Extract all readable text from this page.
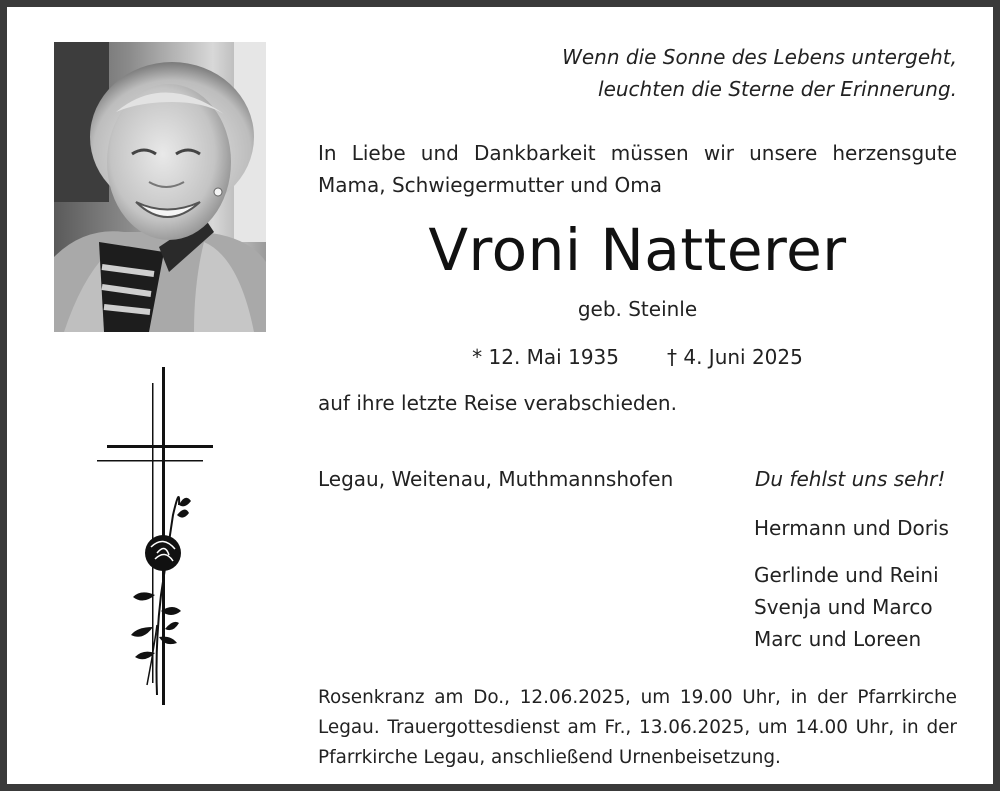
Wenn die Sonne des Lebens untergeht,
leuchten die Sterne der Erinnerung.
In Liebe und Dankbarkeit müssen wir unsere herzensgute Mama, Schwiegermutter und Oma
Vroni Natterer
geb. Steinle
* 12. Mai 1935 † 4. Juni 2025
auf ihre letzte Reise verabschieden.
Legau, Weitenau, Muthmannshofen	Du fehlst uns sehr!
Hermann und Doris
Gerlinde und Reini
Svenja und Marco
Marc und Loreen
Rosenkranz am Do., 12.06.2025, um 19.00 Uhr, in der Pfarrkirche Legau. Trauergottesdienst am Fr., 13.06.2025, um 14.00 Uhr, in der Pfarrkirche Legau, anschließend Urnenbeisetzung.
